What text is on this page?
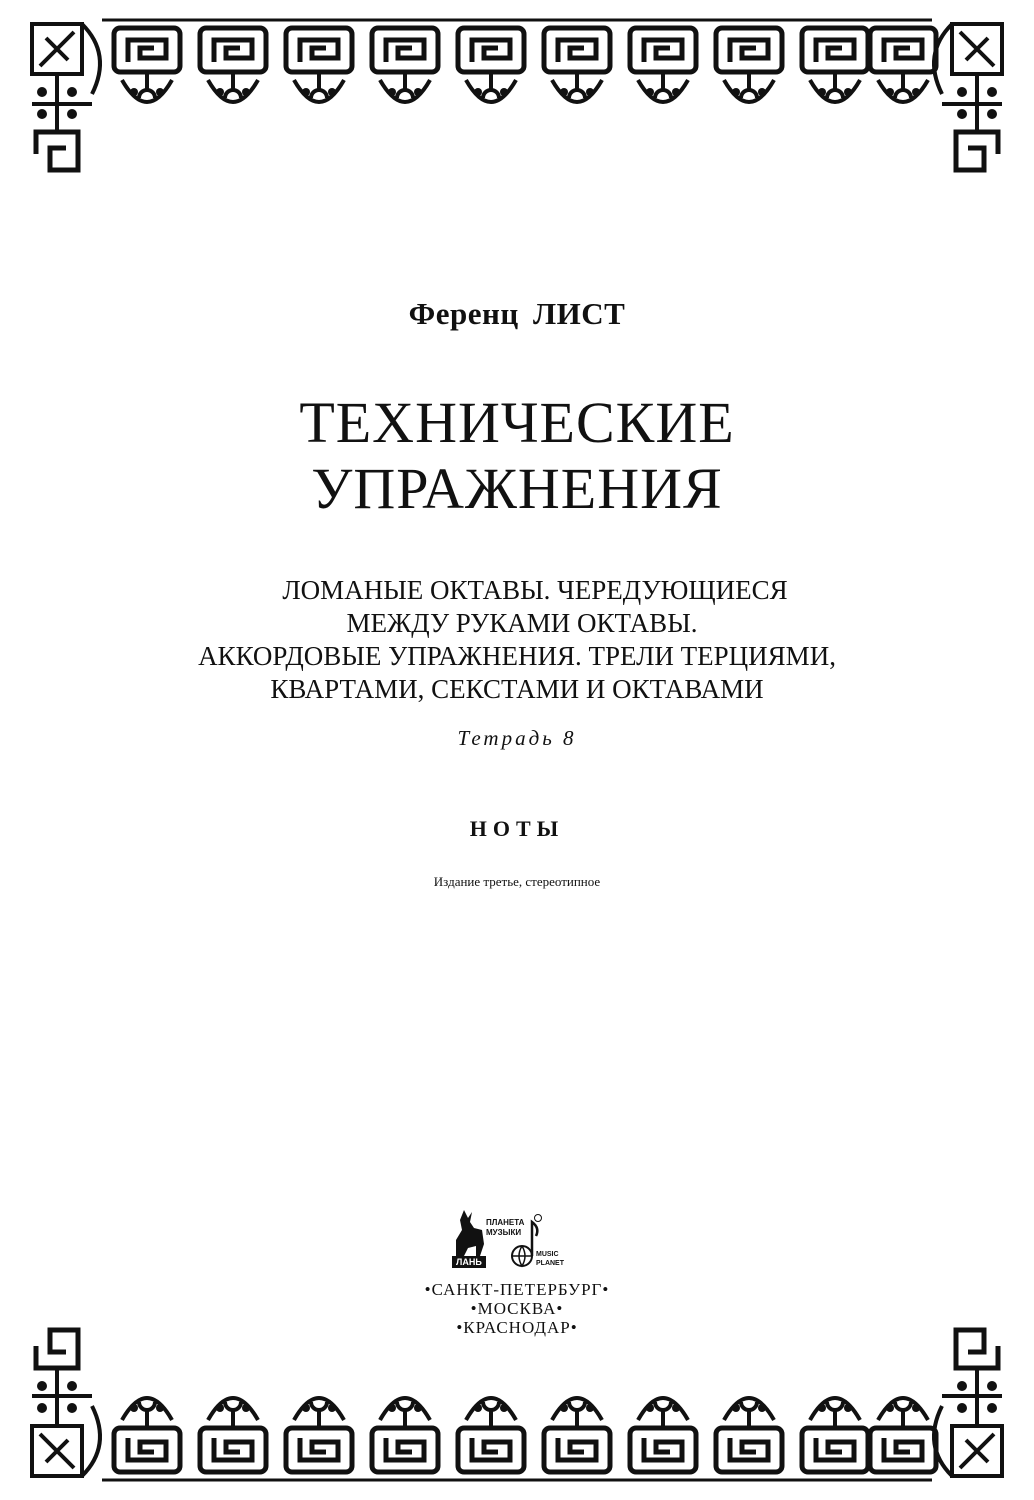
Ференц ЛИСТ
ТЕХНИЧЕСКИЕ
УПРАЖНЕНИЯ
ЛОМАНЫЕ ОКТАВЫ. ЧЕРЕДУЮЩИЕСЯ
МЕЖДУ РУКАМИ ОКТАВЫ.
АККОРДОВЫЕ УПРАЖНЕНИЯ. ТРЕЛИ ТЕРЦИЯМИ,
КВАРТАМИ, СЕКСТАМИ И ОКТАВАМИ
Тетрадь 8
НОТЫ
Издание третье, стереотипное
ПЛАНЕТА
МУЗЫКИ
ЛАНЬ
MUSIC
PLANET
•САНКТ-ПЕТЕРБУРГ•
•МОСКВА•
•КРАСНОДАР•
